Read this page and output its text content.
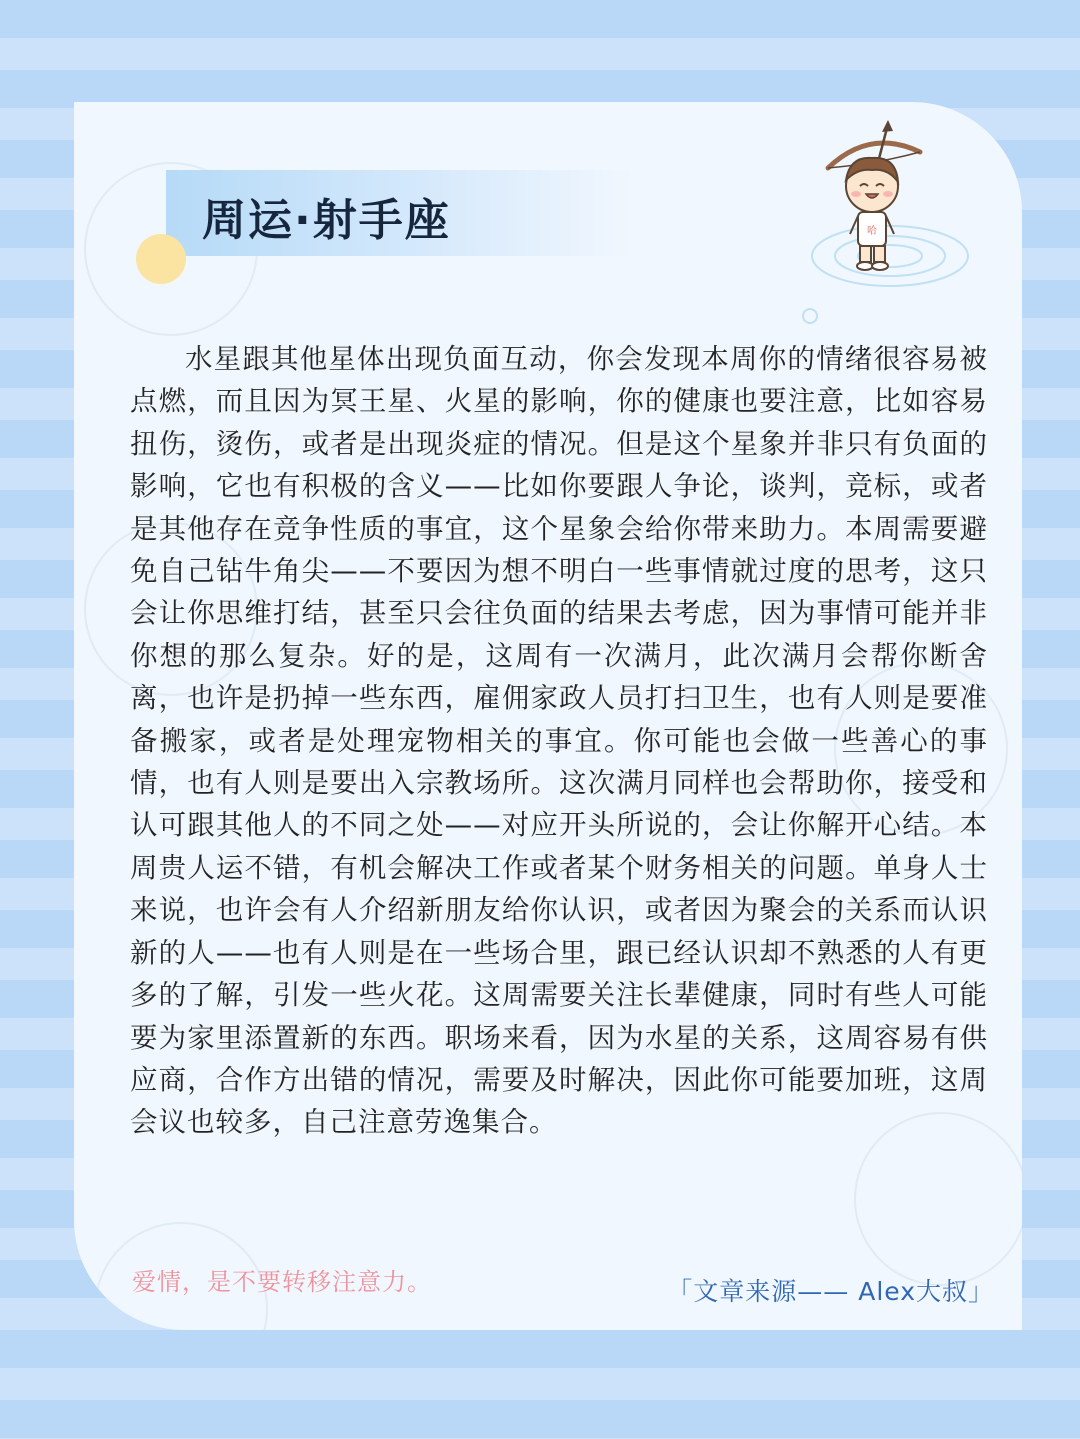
周运·射手座	哈

水星跟其他星体出现负面互动，你会发现本周你的情绪很容易被点燃，而且因为冥王星、火星的影响，你的健康也要注意，比如容易扭伤，烫伤，或者是出现炎症的情况。但是这个星象并非只有负面的影响，它也有积极的含义——比如你要跟人争论，谈判，竞标，或者是其他存在竞争性质的事宜，这个星象会给你带来助力。本周需要避免自己钻牛角尖——不要因为想不明白一些事情就过度的思考，这只会让你思维打结，甚至只会往负面的结果去考虑，因为事情可能并非你想的那么复杂。好的是，这周有一次满月，此次满月会帮你断舍离，也许是扔掉一些东西，雇佣家政人员打扫卫生，也有人则是要准备搬家，或者是处理宠物相关的事宜。你可能也会做一些善心的事情，也有人则是要出入宗教场所。这次满月同样也会帮助你，接受和认可跟其他人的不同之处——对应开头所说的，会让你解开心结。本周贵人运不错，有机会解决工作或者某个财务相关的问题。单身人士来说，也许会有人介绍新朋友给你认识，或者因为聚会的关系而认识新的人——也有人则是在一些场合里，跟已经认识却不熟悉的人有更多的了解，引发一些火花。这周需要关注长辈健康，同时有些人可能要为家里添置新的东西。职场来看，因为水星的关系，这周容易有供应商，合作方出错的情况，需要及时解决，因此你可能要加班，这周会议也较多，自己注意劳逸集合。

爱情，是不要转移注意力。	「文章来源—— Alex大叔」
